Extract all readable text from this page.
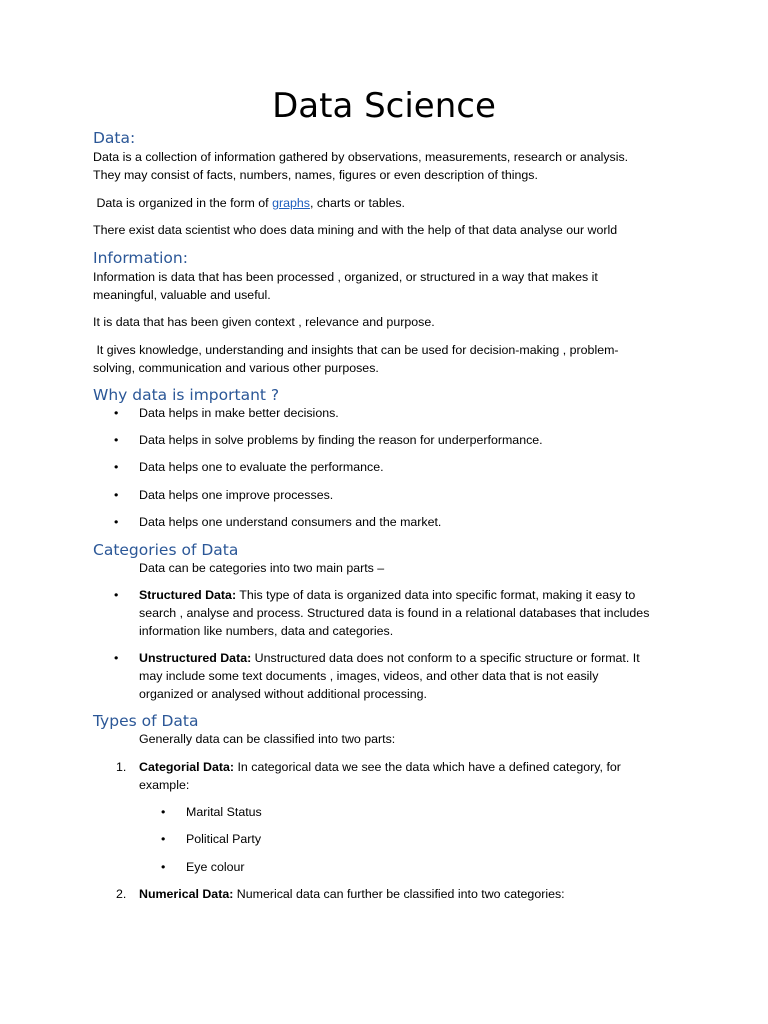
Data Science
Data:
Data is a collection of information gathered by observations, measurements, research or analysis.
They may consist of facts, numbers, names, figures or even description of things.
Data is organized in the form of graphs, charts or tables.
There exist data scientist who does data mining and with the help of that data analyse our world
Information:
Information is data that has been processed , organized, or structured in a way that makes it
meaningful, valuable and useful.
It is data that has been given context , relevance and purpose.
It gives knowledge, understanding and insights that can be used for decision-making , problem-
solving, communication and various other purposes.
Why data is important ?
• Data helps in make better decisions.
• Data helps in solve problems by finding the reason for underperformance.
• Data helps one to evaluate the performance.
• Data helps one improve processes.
• Data helps one understand consumers and the market.
Categories of Data
Data can be categories into two main parts –
• Structured Data: This type of data is organized data into specific format, making it easy to
search , analyse and process. Structured data is found in a relational databases that includes
information like numbers, data and categories.
• Unstructured Data: Unstructured data does not conform to a specific structure or format. It
may include some text documents , images, videos, and other data that is not easily
organized or analysed without additional processing.
Types of Data
Generally data can be classified into two parts:
1. Categorial Data: In categorical data we see the data which have a defined category, for
example:
• Marital Status
• Political Party
• Eye colour
2. Numerical Data: Numerical data can further be classified into two categories:
